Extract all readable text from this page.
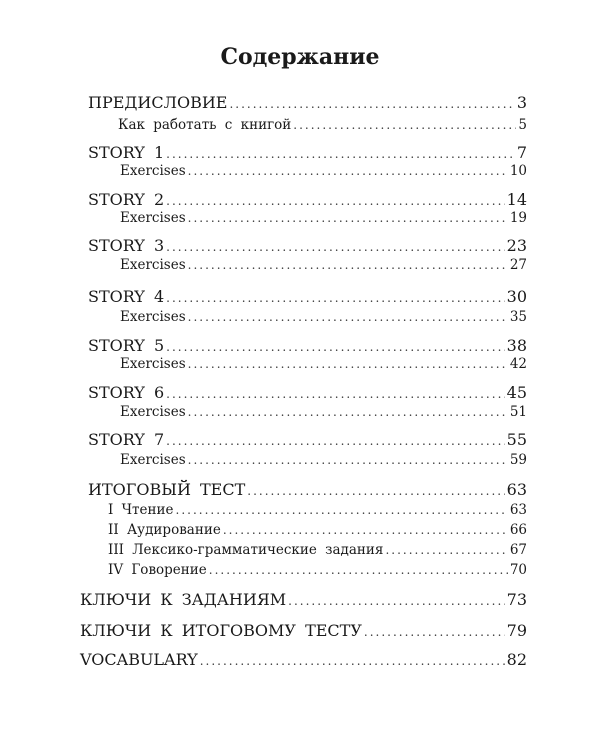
Содержание
ПРЕДИСЛОВИЕ .....	3
Как работать с книгой .....	5
STORY 1 .....	7
Exercises .....	10
STORY 2 .....	14
Exercises .....	19
STORY 3 .....	23
Exercises .....	27
STORY 4 .....	30
Exercises .....	35
STORY 5 .....	38
Exercises .....	42
STORY 6 .....	45
Exercises .....	51
STORY 7 .....	55
Exercises .....	59
ИТОГОВЫЙ ТЕСТ .....	63
I Чтение .....	63
II Аудирование .....	66
III Лексико-грамматические задания .....	67
IV Говорение .....	70
КЛЮЧИ К ЗАДАНИЯМ .....	73
КЛЮЧИ К ИТОГОВОМУ ТЕСТУ .....	79
VOCABULARY .....	82
